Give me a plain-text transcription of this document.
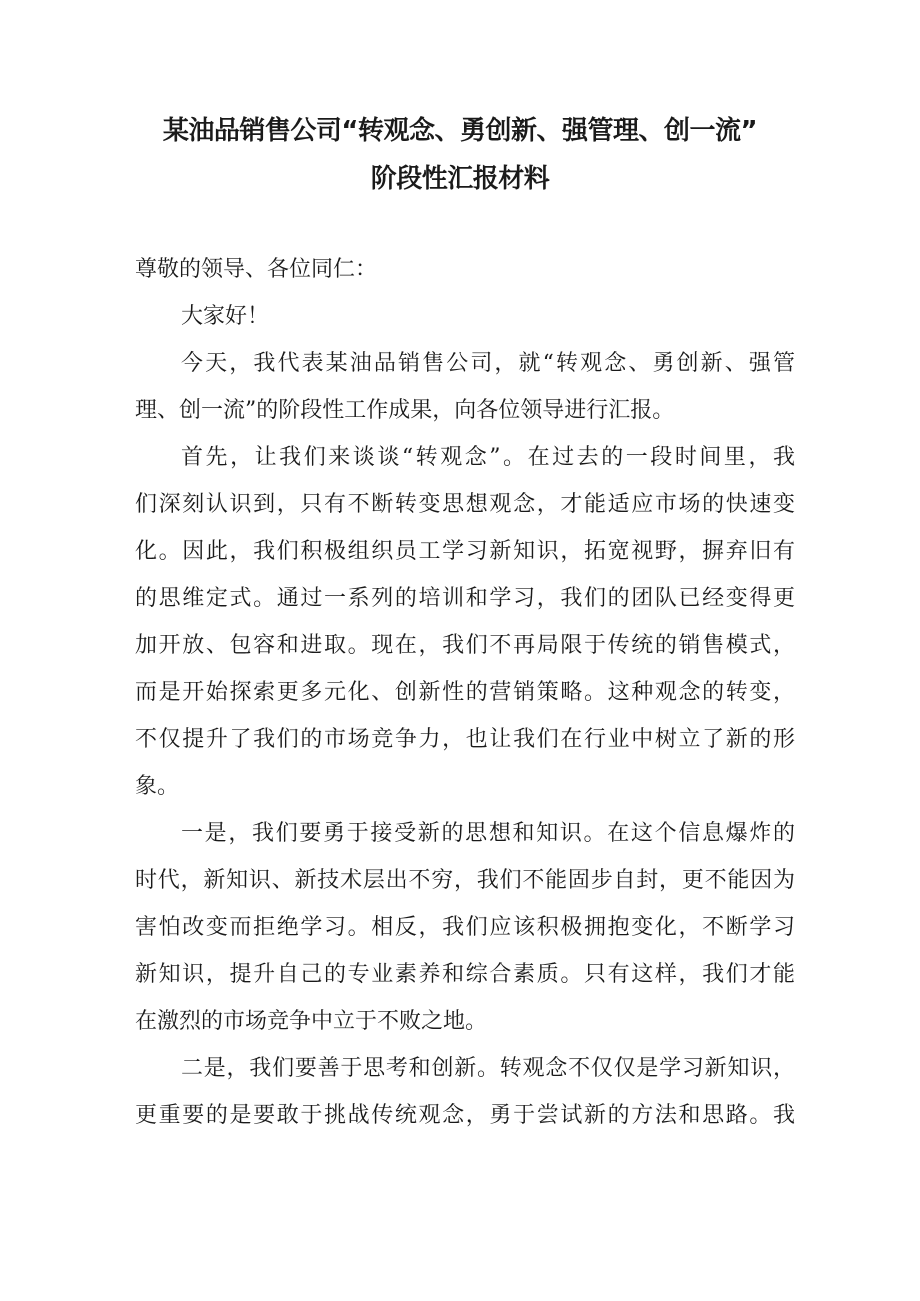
某油品销售公司“转观念、勇创新、强管理、创一流”
阶段性汇报材料
尊敬的领导、各位同仁：
大家好！
今天，我代表某油品销售公司，就“转观念、勇创新、强管
理、创一流”的阶段性工作成果，向各位领导进行汇报。
首先，让我们来谈谈“转观念”。在过去的一段时间里，我
们深刻认识到，只有不断转变思想观念，才能适应市场的快速变
化。因此，我们积极组织员工学习新知识，拓宽视野，摒弃旧有
的思维定式。通过一系列的培训和学习，我们的团队已经变得更
加开放、包容和进取。现在，我们不再局限于传统的销售模式，
而是开始探索更多元化、创新性的营销策略。这种观念的转变，
不仅提升了我们的市场竞争力，也让我们在行业中树立了新的形
象。
一是，我们要勇于接受新的思想和知识。在这个信息爆炸的
时代，新知识、新技术层出不穷，我们不能固步自封，更不能因为
害怕改变而拒绝学习。相反，我们应该积极拥抱变化，不断学习
新知识，提升自己的专业素养和综合素质。只有这样，我们才能
在激烈的市场竞争中立于不败之地。
二是，我们要善于思考和创新。转观念不仅仅是学习新知识，
更重要的是要敢于挑战传统观念，勇于尝试新的方法和思路。我
